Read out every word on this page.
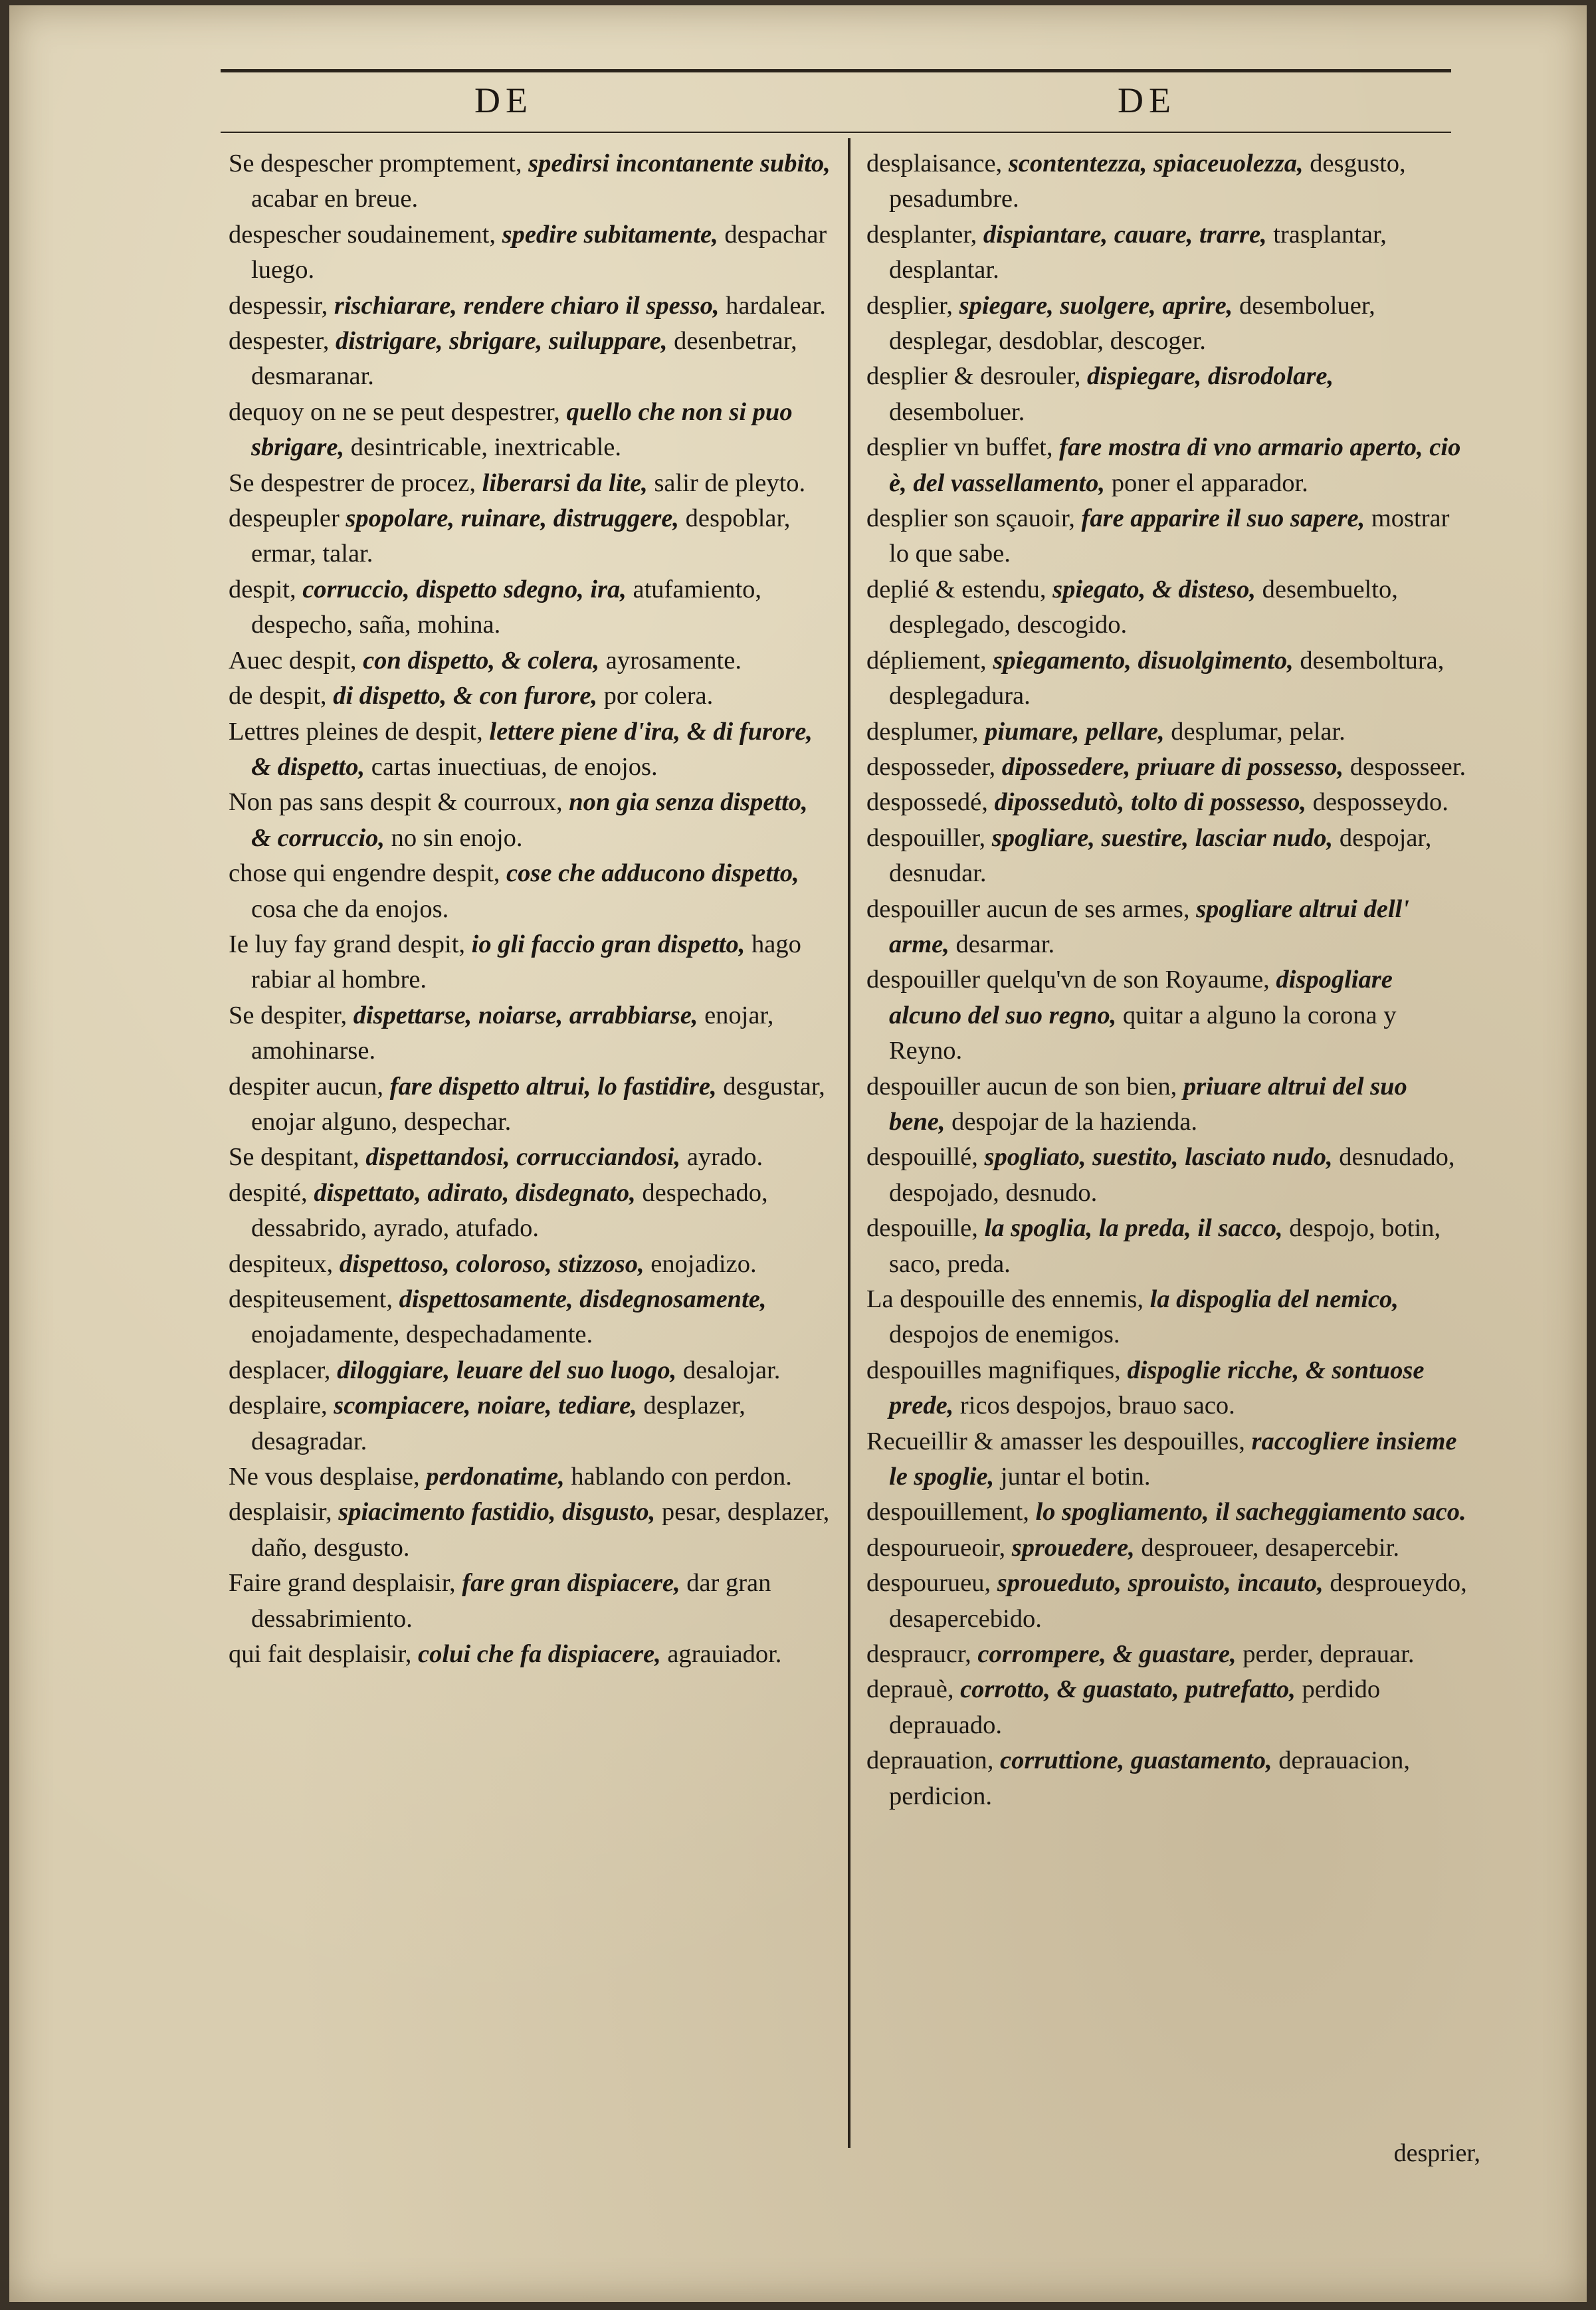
DE	DE

Se despescher promptement, spedirsi incontanente subito, acabar en breue.

despescher soudainement, spedire subitamente, despachar luego.

despessir, rischiarare, rendere chiaro il spesso, hardalear.

despester, distrigare, sbrigare, suiluppare, desenbetrar, desmaranar.

dequoy on ne se peut despestrer, quello che non si puo sbrigare, desintricable, inextricable.

Se despestrer de procez, liberarsi da lite, salir de pleyto.

despeupler spopolare, ruinare, distruggere, despoblar, ermar, talar.

despit, corruccio, dispetto sdegno, ira, atufamiento, despecho, saña, mohina.

Auec despit, con dispetto, & colera, ayrosamente.

de despit, di dispetto, & con furore, por colera.

Lettres pleines de despit, lettere piene d'ira, & di furore, & dispetto, cartas inuectiuas, de enojos.

Non pas sans despit & courroux, non gia senza dispetto, & corruccio, no sin enojo.

chose qui engendre despit, cose che adducono dispetto, cosa che da enojos.

Ie luy fay grand despit, io gli faccio gran dispetto, hago rabiar al hombre.

Se despiter, dispettarse, noiarse, arrabbiarse, enojar, amohinarse.

despiter aucun, fare dispetto altrui, lo fastidire, desgustar, enojar alguno, despechar.

Se despitant, dispettandosi, corrucciandosi, ayrado.

despité, dispettato, adirato, disdegnato, despechado, dessabrido, ayrado, atufado.

despiteux, dispettoso, coloroso, stizzoso, enojadizo.

despiteusement, dispettosamente, disdegnosamente, enojadamente, despechadamente.

desplacer, diloggiare, leuare del suo luogo, desalojar.

desplaire, scompiacere, noiare, tediare, desplazer, desagradar.

Ne vous desplaise, perdonatime, hablando con perdon.

desplaisir, spiacimento fastidio, disgusto, pesar, desplazer, daño, desgusto.

Faire grand desplaisir, fare gran dispiacere, dar gran dessabrimiento.

qui fait desplaisir, colui che fa dispiacere, agrauiador.

desplaisance, scontentezza, spiaceuolezza, desgusto, pesadumbre.

desplanter, dispiantare, cauare, trarre, trasplantar, desplantar.

desplier, spiegare, suolgere, aprire, desemboluer, desplegar, desdoblar, descoger.

desplier & desrouler, dispiegare, disrodolare, desemboluer.

desplier vn buffet, fare mostra di vno armario aperto, cio è, del vassellamento, poner el apparador.

desplier son sçauoir, fare apparire il suo sapere, mostrar lo que sabe.

deplié & estendu, spiegato, & disteso, desembuelto, desplegado, descogido.

dépliement, spiegamento, disuolgimento, desemboltura, desplegadura.

desplumer, piumare, pellare, desplumar, pelar.

desposseder, dipossedere, priuare di possesso, desposseer.

despossedé, dipossedutò, tolto di possesso, desposseydo.

despouiller, spogliare, suestire, lasciar nudo, despojar, desnudar.

despouiller aucun de ses armes, spogliare altrui dell' arme, desarmar.

despouiller quelqu'vn de son Royaume, dispogliare alcuno del suo regno, quitar a alguno la corona y Reyno.

despouiller aucun de son bien, priuare altrui del suo bene, despojar de la hazienda.

despouillé, spogliato, suestito, lasciato nudo, desnudado, despojado, desnudo.

despouille, la spoglia, la preda, il sacco, despojo, botin, saco, preda.

La despouille des ennemis, la dispoglia del nemico, despojos de enemigos.

despouilles magnifiques, dispoglie ricche, & sontuose prede, ricos despojos, brauo saco.

Recueillir & amasser les despouilles, raccogliere insieme le spoglie, juntar el botin.

despouillement, lo spogliamento, il sacheggiamento saco.

despourueoir, sprouedere, desproueer, desapercebir.

despourueu, sproueduto, sprouisto, incauto, desproueydo, desapercebido.

despraucr, corrompere, & guastare, perder, deprauar.

deprauè, corrotto, & guastato, putrefatto, perdido deprauado.

deprauation, corruttione, guastamento, deprauacion, perdicion.

desprier,
